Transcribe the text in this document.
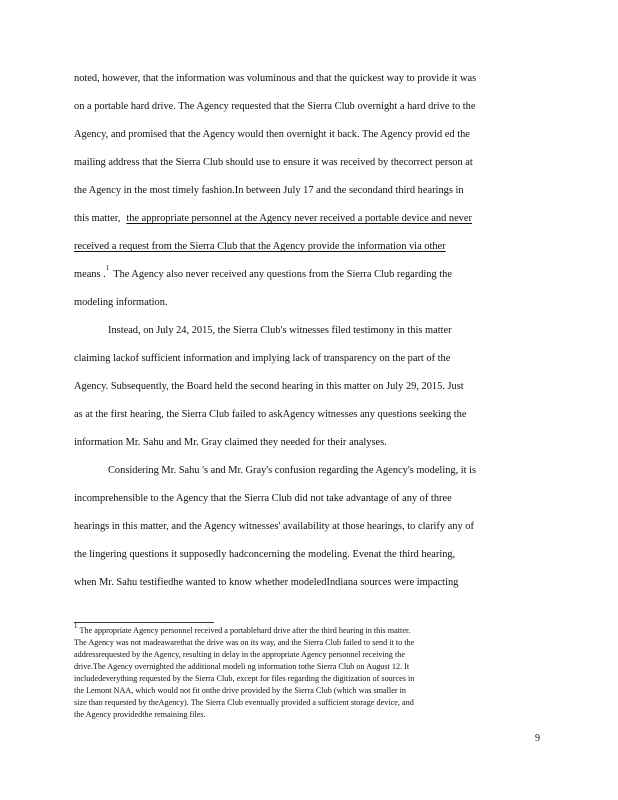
noted, however, that the information was voluminous and that the quickest way to provide it was
on a portable hard drive. The Agency requested that the Sierra Club overnight a hard drive to the
Agency, and promised that the Agency would then overnight it back. The Agency provid ed the
mailing address that the Sierra Club should use to ensure it was received by thecorrect person at
the Agency in the most timely fashion.In between July 17 and the secondand third hearings in
this matter, the appropriate personnel at the Agency never received a portable device and never
received a request from the Sierra Club that the Agency provide the information via other
means .
1
The Agency also never received any questions from the Sierra Club regarding the
modeling information.
Instead, on July 24, 2015, the Sierra Club's witnesses filed testimony in this matter
claiming lackof sufficient information and implying lack of transparency on the part of the
Agency. Subsequently, the Board held the second hearing in this matter on July 29, 2015. Just
as at the first hearing, the Sierra Club failed to askAgency witnesses any questions seeking the
information Mr. Sahu and Mr. Gray claimed they needed for their analyses.
Considering Mr. Sahu 's and Mr. Gray's confusion regarding the Agency's modeling, it is
incomprehensible to the Agency that the Sierra Club did not take advantage of any of three
hearings in this matter, and the Agency witnesses' availability at those hearings, to clarify any of
the lingering questions it supposedly hadconcerning the modeling. Evenat the third hearing,
when Mr. Sahu testifiedhe wanted to know whether modeledIndiana sources were impacting
1 The appropriate Agency personnel received a portablehard drive after the third hearing in this matter.
The Agency was not madeawarethat the drive was on its way, and the Sierra Club failed to send it to the
addressrequested by the Agency, resulting in delay in the appropriate Agency personnel receiving the
drive.The Agency overnighted the additional modeli ng information tothe Sierra Club on August 12. It
includedeverything requested by the Sierra Club, except for files regarding the digitization of sources in
the Lemont NAA, which would not fit onthe drive provided by the Sierra Club (which was smaller in
size than requested by theAgency). The Sierra Club eventually provided a sufficient storage device, and
the Agency providedthe remaining files.
9
